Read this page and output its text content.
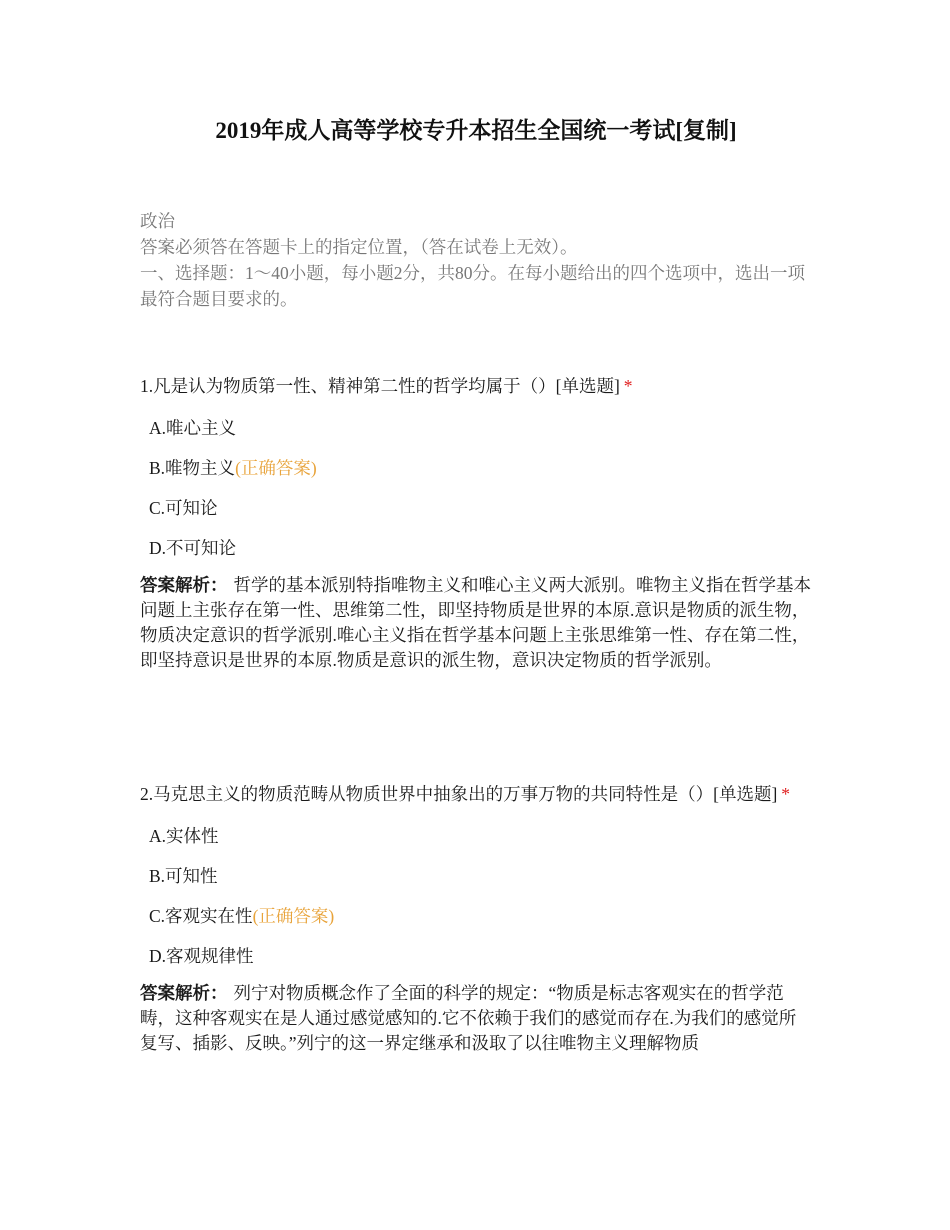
2019年成人高等学校专升本招生全国统一考试[复制]

政治

答案必须答在答题卡上的指定位置，（答在试卷上无效）。

一、选择题：1～40小题，每小题2分，共80分。在每小题给出的四个选项中，选出一项最符合题目要求的。

1.凡是认为物质第一性、精神第二性的哲学均属于（）[单选题] *

A.唯心主义
B.唯物主义(正确答案)
C.可知论
D.不可知论

答案解析： 哲学的基本派别特指唯物主义和唯心主义两大派别。唯物主义指在哲学基本问题上主张存在第一性、思维第二性，即坚持物质是世界的本原.意识是物质的派生物，物质决定意识的哲学派别.唯心主义指在哲学基本问题上主张思维第一性、存在第二性，即坚持意识是世界的本原.物质是意识的派生物，意识决定物质的哲学派别。

2.马克思主义的物质范畴从物质世界中抽象出的万事万物的共同特性是（）[单选题] *

A.实体性
B.可知性
C.客观实在性(正确答案)
D.客观规律性

答案解析： 列宁对物质概念作了全面的科学的规定：“物质是标志客观实在的哲学范畴，这种客观实在是人通过感觉感知的.它不依赖于我们的感觉而存在.为我们的感觉所复写、插影、反映。”列宁的这一界定继承和汲取了以往唯物主义理解物质
